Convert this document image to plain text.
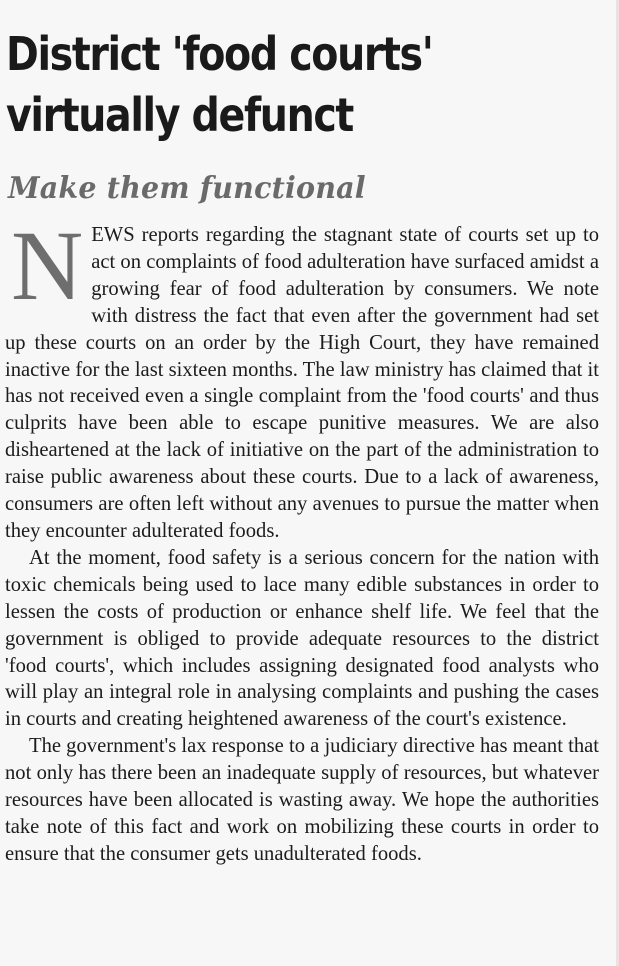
District 'food courts'
virtually defunct
Make them functional

NEWS reports regarding the stagnant state of courts set up to act on complaints of food adulteration have surfaced amidst a growing fear of food adulteration by consumers. We note with distress the fact that even after the government had set up these courts on an order by the High Court, they have remained inactive for the last sixteen months. The law ministry has claimed that it has not received even a single complaint from the 'food courts' and thus culprits have been able to escape punitive measures. We are also disheartened at the lack of initiative on the part of the administration to raise public awareness about these courts. Due to a lack of awareness, consumers are often left without any avenues to pursue the matter when they encounter adulterated foods.

At the moment, food safety is a serious concern for the nation with toxic chemicals being used to lace many edible substances in order to lessen the costs of production or enhance shelf life. We feel that the government is obliged to provide adequate resources to the district 'food courts', which includes assigning designated food analysts who will play an integral role in analysing complaints and pushing the cases in courts and creating heightened awareness of the court's existence.

The government's lax response to a judiciary directive has meant that not only has there been an inadequate supply of resources, but whatever resources have been allocated is wasting away. We hope the authorities take note of this fact and work on mobilizing these courts in order to ensure that the consumer gets unadulterated foods.
